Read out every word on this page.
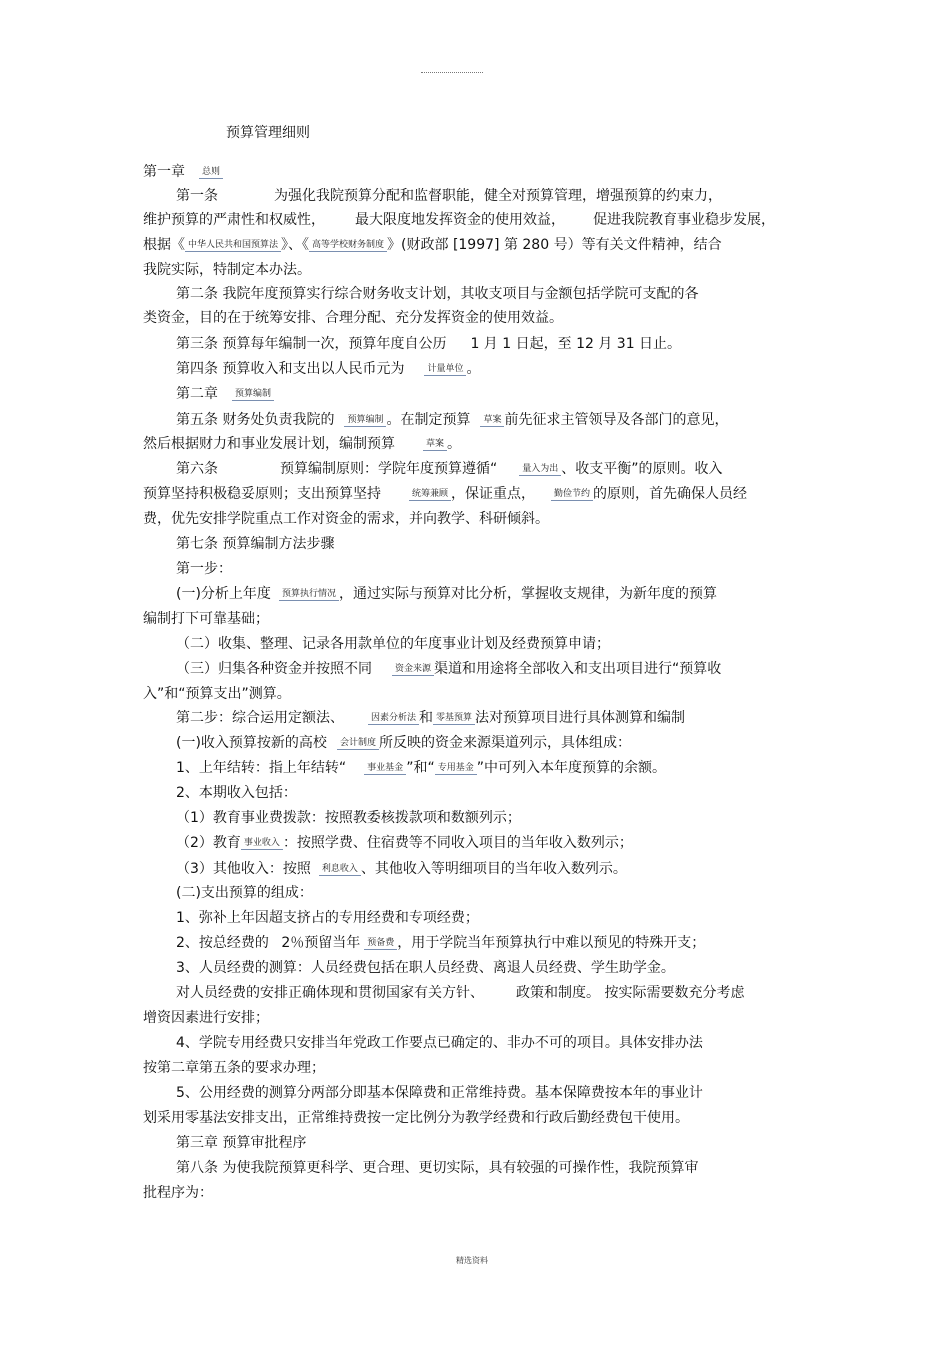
预算管理细则
第一章 总则
第一条	为强化我院预算分配和监督职能，健全对预算管理，增强预算的约束力，
维护预算的严肃性和权威性， 最大限度地发挥资金的使用效益， 促进我院教育事业稳步发展，
根据《 中华人民共和国预算法 》、《 高等学校财务制度 》(财政部 [1997] 第 280 号）等有关文件精神，结合
我院实际，特制定本办法。
第二条 我院年度预算实行综合财务收支计划，其收支项目与金额包括学院可支配的各
类资金，目的在于统筹安排、合理分配、充分发挥资金的使用效益。
第三条 预算每年编制一次，预算年度自公历 1 月 1 日起，至 12 月 31 日止。
第四条 预算收入和支出以人民币元为	计量单位 。
第二章 预算编制
第五条 财务处负责我院的 预算编制 。在制定预算 草案 前先征求主管领导及各部门的意见，
然后根据财力和事业发展计划，编制预算	草案 。
第六条	预算编制原则：学院年度预算遵循“	量入为出 、收支平衡”的原则。收入
预算坚持积极稳妥原则；支出预算坚持	统筹兼顾 ，保证重点， 勤俭节约 的原则，首先确保人员经
费，优先安排学院重点工作对资金的需求，并向教学、科研倾斜。
第七条 预算编制方法步骤
第一步：
(一)分析上年度 预算执行情况 ，通过实际与预算对比分析，掌握收支规律，为新年度的预算
编制打下可靠基础；
（二）收集、整理、记录各用款单位的年度事业计划及经费预算申请；
（三）归集各种资金并按照不同	资金来源 渠道和用途将全部收入和支出项目进行“预算收
入”和“预算支出”测算。
第二步：综合运用定额法、	因素分析法 和 零基预算 法对预算项目进行具体测算和编制
(一)收入预算按新的高校 会计制度 所反映的资金来源渠道列示，具体组成：
1、上年结转：指上年结转“ 事业基金 ”和“ 专用基金 ”中可列入本年度预算的余额。
2、本期收入包括：
（1）教育事业费拨款：按照教委核拨款项和数额列示；
（2）教育 事业收入 ：按照学费、住宿费等不同收入项目的当年收入数列示；
（3）其他收入：按照 利息收入 、其他收入等明细项目的当年收入数列示。
(二)支出预算的组成：
1、弥补上年因超支挤占的专用经费和专项经费；
2、按总经费的 2％预留当年 预备费 ，用于学院当年预算执行中难以预见的特殊开支；
3、人员经费的测算：人员经费包括在职人员经费、离退人员经费、学生助学金。
对人员经费的安排正确体现和贯彻国家有关方针、 政策和制度。 按实际需要数充分考虑
增资因素进行安排；
4、学院专用经费只安排当年党政工作要点已确定的、非办不可的项目。具体安排办法
按第二章第五条的要求办理；
5、公用经费的测算分两部分即基本保障费和正常维持费。基本保障费按本年的事业计
划采用零基法安排支出，正常维持费按一定比例分为教学经费和行政后勤经费包干使用。
第三章 预算审批程序
第八条 为使我院预算更科学、更合理、更切实际，具有较强的可操作性，我院预算审
批程序为：
精选资料
